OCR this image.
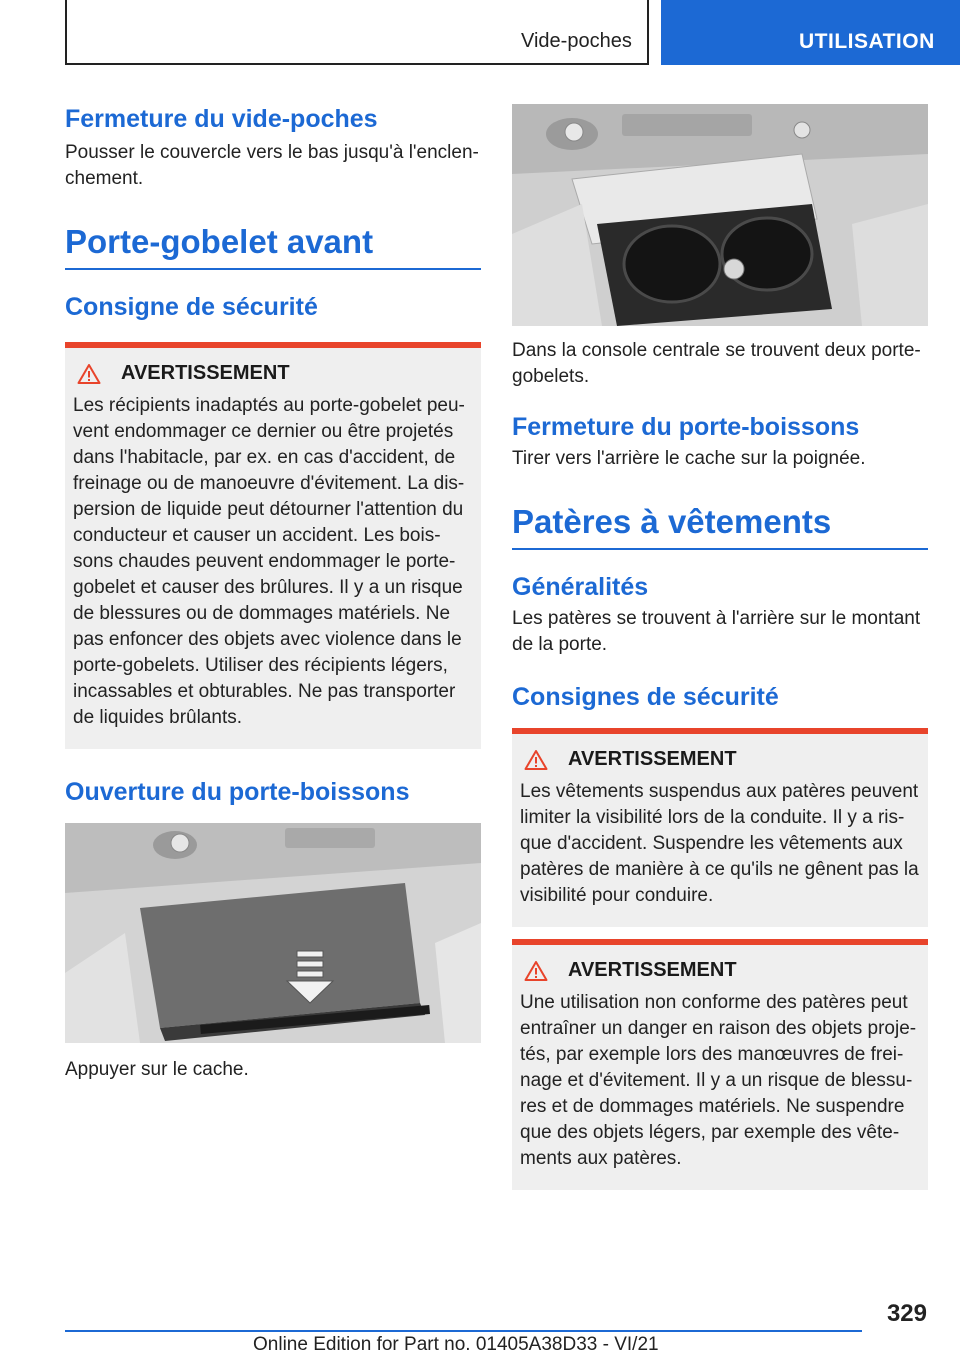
Vide-poches	UTILISATION
Fermeture du vide-poches
Pousser le couvercle vers le bas jusqu'à l'enclen-chement.
Porte-gobelet avant
Consigne de sécurité
AVERTISSEMENT
Les récipients inadaptés au porte-gobelet peu-vent endommager ce dernier ou être projetés dans l'habitacle, par ex. en cas d'accident, de freinage ou de manoeuvre d'évitement. La dis-persion de liquide peut détourner l'attention du conducteur et causer un accident. Les bois-sons chaudes peuvent endommager le porte-gobelet et causer des brûlures. Il y a un risque de blessures ou de dommages matériels. Ne pas enfoncer des objets avec violence dans le porte-gobelets. Utiliser des récipients légers, incassables et obturables. Ne pas transporter de liquides brûlants.
Ouverture du porte-boissons
Appuyer sur le cache.
Dans la console centrale se trouvent deux porte-gobelets.
Fermeture du porte-boissons
Tirer vers l'arrière le cache sur la poignée.
Patères à vêtements
Généralités
Les patères se trouvent à l'arrière sur le montant de la porte.
Consignes de sécurité
AVERTISSEMENT
Les vêtements suspendus aux patères peuvent limiter la visibilité lors de la conduite. Il y a ris-que d'accident. Suspendre les vêtements aux patères de manière à ce qu'ils ne gênent pas la visibilité pour conduire.
AVERTISSEMENT
Une utilisation non conforme des patères peut entraîner un danger en raison des objets proje-tés, par exemple lors des manœuvres de frei-nage et d'évitement. Il y a un risque de blessu-res et de dommages matériels. Ne suspendre que des objets légers, par exemple des vête-ments aux patères.
329
Online Edition for Part no. 01405A38D33 - VI/21
